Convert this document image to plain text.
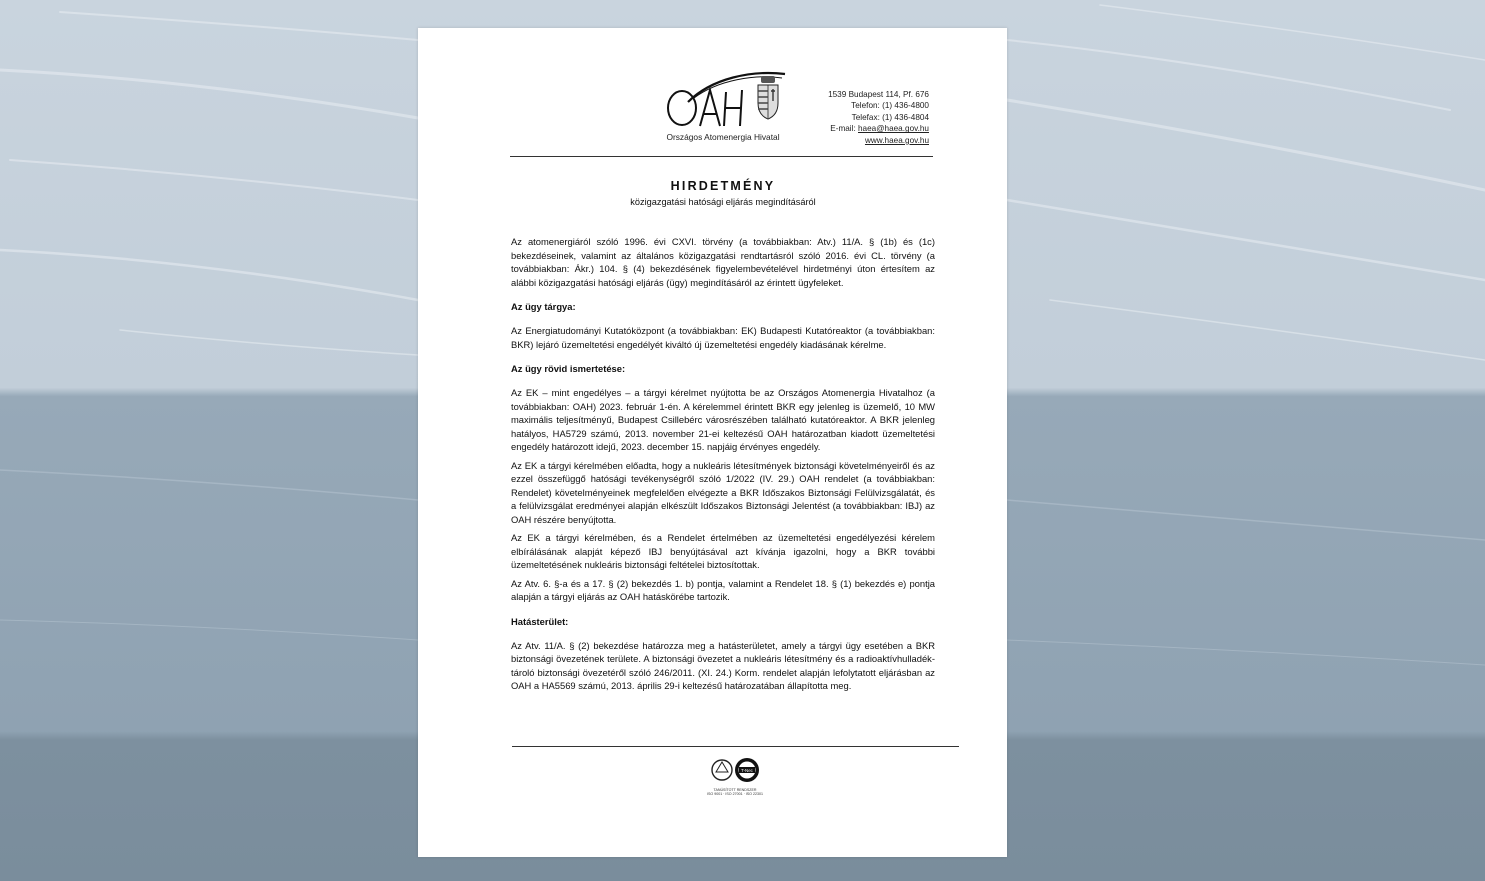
Országos Atomenergia Hivatal
1539 Budapest 114, Pf. 676
Telefon: (1) 436-4800
Telefax: (1) 436-4804
E-mail: haea@haea.gov.hu
www.haea.gov.hu
HIRDETMÉNY
közigazgatási hatósági eljárás megindításáról

Az atomenergiáról szóló 1996. évi CXVI. törvény (a továbbiakban: Atv.) 11/A. § (1b) és (1c) bekezdéseinek, valamint az általános közigazgatási rendtartásról szóló 2016. évi CL. törvény (a továbbiakban: Ákr.) 104. § (4) bekezdésének figyelembevételével hirdetményi úton értesítem az alábbi közigazgatási hatósági eljárás (ügy) megindításáról az érintett ügyfeleket.

Az ügy tárgya:

Az Energiatudományi Kutatóközpont (a továbbiakban: EK) Budapesti Kutatóreaktor (a továbbiakban: BKR) lejáró üzemeltetési engedélyét kiváltó új üzemeltetési engedély kiadásának kérelme.

Az ügy rövid ismertetése:

Az EK – mint engedélyes – a tárgyi kérelmet nyújtotta be az Országos Atomenergia Hivatalhoz (a továbbiakban: OAH) 2023. február 1-én. A kérelemmel érintett BKR egy jelenleg is üzemelő, 10 MW maximális teljesítményű, Budapest Csillebérc városrészében található kutatóreaktor. A BKR jelenleg hatályos, HA5729 számú, 2013. november 21-ei keltezésű OAH határozatban kiadott üzemeltetési engedély határozott idejű, 2023. december 15. napjáig érvényes engedély.

Az EK a tárgyi kérelmében előadta, hogy a nukleáris létesítmények biztonsági követelményeiről és az ezzel összefüggő hatósági tevékenységről szóló 1/2022 (IV. 29.) OAH rendelet (a továbbiakban: Rendelet) követelményeinek megfelelően elvégezte a BKR Időszakos Biztonsági Felülvizsgálatát, és a felülvizsgálat eredményei alapján elkészült Időszakos Biztonsági Jelentést (a továbbiakban: IBJ) az OAH részére benyújtotta.

Az EK a tárgyi kérelmében, és a Rendelet értelmében az üzemeltetési engedélyezési kérelem elbírálásának alapját képező IBJ benyújtásával azt kívánja igazolni, hogy a BKR további üzemeltetésének nukleáris biztonsági feltételei biztosítottak.

Az Atv. 6. §-a és a 17. § (2) bekezdés 1. b) pontja, valamint a Rendelet 18. § (1) bekezdés e) pontja alapján a tárgyi eljárás az OAH hatáskörébe tartozik.

Hatásterület:

Az Atv. 11/A. § (2) bekezdése határozza meg a hatásterületet, amely a tárgyi ügy esetében a BKR biztonsági övezetének területe. A biztonsági övezetet a nukleáris létesítmény és a radioaktívhulladék-tároló biztonsági övezetéről szóló 246/2011. (XI. 24.) Korm. rendelet alapján lefolytatott eljárásban az OAH a HA5569 számú, 2013. április 29-i keltezésű határozatában állapította meg.

T-Nec
TANÚSÍTOTT RENDSZER
ISO 9001 · ISO 27001 · ISO 22301
